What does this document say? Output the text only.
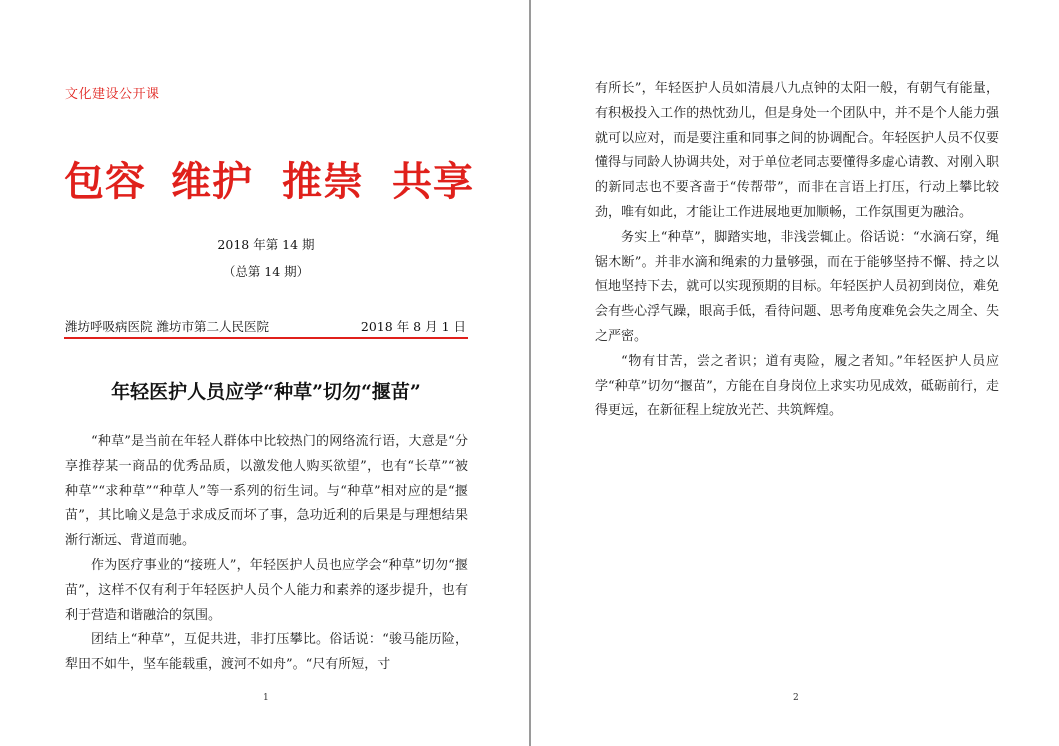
文化建设公开课
包容 维护 推崇 共享
2018 年第 14 期
（总第 14 期）
潍坊呼吸病医院 潍坊市第二人民医院	2018 年 8 月 1 日
年轻医护人员应学“种草”切勿“揠苗”

“种草”是当前在年轻人群体中比较热门的网络流行语，大意是“分享推荐某一商品的优秀品质，以激发他人购买欲望”，也有“长草”“被种草”“求种草”“种草人”等一系列的衍生词。与“种草”相对应的是“揠苗”，其比喻义是急于求成反而坏了事，急功近利的后果是与理想结果渐行渐远、背道而驰。

作为医疗事业的“接班人”，年轻医护人员也应学会“种草”切勿“揠苗”，这样不仅有利于年轻医护人员个人能力和素养的逐步提升，也有利于营造和谐融洽的氛围。

团结上“种草”，互促共进，非打压攀比。俗话说：“骏马能历险，犁田不如牛，坚车能载重，渡河不如舟”。“尺有所短，寸

1

有所长”，年轻医护人员如清晨八九点钟的太阳一般，有朝气有能量，有积极投入工作的热忱劲儿，但是身处一个团队中，并不是个人能力强就可以应对，而是要注重和同事之间的协调配合。年轻医护人员不仅要懂得与同龄人协调共处，对于单位老同志要懂得多虚心请教、对刚入职的新同志也不要吝啬于“传帮带”，而非在言语上打压，行动上攀比较劲，唯有如此，才能让工作进展地更加顺畅，工作氛围更为融洽。

务实上“种草”，脚踏实地，非浅尝辄止。俗话说：“水滴石穿，绳锯木断”。并非水滴和绳索的力量够强，而在于能够坚持不懈、持之以恒地坚持下去，就可以实现预期的目标。年轻医护人员初到岗位，难免会有些心浮气躁，眼高手低，看待问题、思考角度难免会失之周全、失之严密。

“物有甘苦，尝之者识；道有夷险，履之者知。”年轻医护人员应学“种草”切勿“揠苗”，方能在自身岗位上求实功见成效，砥砺前行，走得更远，在新征程上绽放光芒、共筑辉煌。

2
